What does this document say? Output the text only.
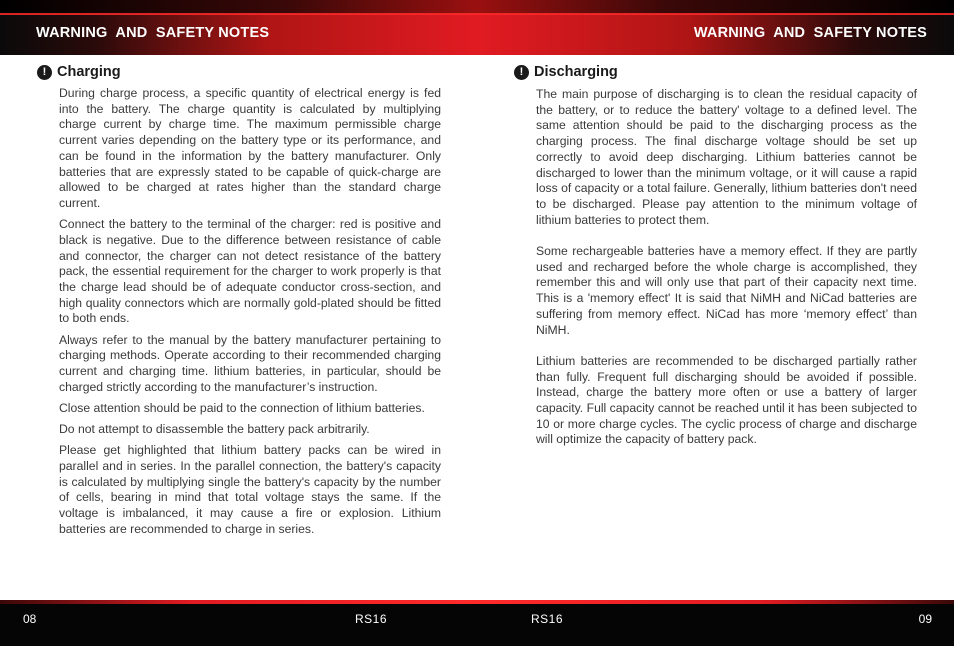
WARNING  AND  SAFETY NOTES	WARNING  AND  SAFETY NOTES
! Charging

During charge process, a specific quantity of electrical energy is fed into the battery. The charge quantity is calculated by multiplying charge current by charge time. The maximum permissible charge current varies depending on the battery type or its performance, and can be found in the information by the battery manufacturer. Only batteries that are expressly stated to be capable of quick-charge are allowed to be charged at rates higher than the standard charge current.

Connect the battery to the terminal of the charger: red is positive and black is negative. Due to the difference between resistance of cable and connector, the charger can not detect resistance of the battery pack, the essential requirement for the charger to work properly is that the charge lead should be of adequate conductor cross-section, and high quality connectors which are normally gold-plated should be fitted to both ends.

Always refer to the manual by the battery manufacturer pertaining to charging methods. Operate according to their recommended charging current and charging time. lithium batteries, in particular, should be charged strictly according to the manufacturer’s instruction.

Close attention should be paid to the connection of lithium batteries.

Do not attempt to disassemble the battery pack arbitrarily.

Please get highlighted that lithium battery packs can be wired in parallel and in series. In the parallel connection, the battery's capacity is calculated by multiplying single the battery's capacity by the number of cells, bearing in mind that total voltage stays the same. If the voltage is imbalanced, it may cause a fire or explosion. Lithium batteries are recommended to charge in series.

! Discharging

The main purpose of discharging is to clean the residual capacity of the battery, or to reduce the battery' voltage to a defined level. The same attention should be paid to the discharging process as the charging process. The final discharge voltage should be set up correctly to avoid deep discharging. Lithium batteries cannot be discharged to lower than the minimum voltage, or it will cause a rapid loss of capacity or a total failure. Generally, lithium batteries don't need to be discharged. Please pay attention to the minimum voltage of lithium batteries to protect them.

Some rechargeable batteries have a memory effect. If they are partly used and recharged before the whole charge is accomplished, they remember this and will only use that part of their capacity next time. This is a 'memory effect' It is said that NiMH and NiCad batteries are suffering from memory effect. NiCad has more ‘memory effect’ than NiMH.

Lithium batteries are recommended to be discharged partially rather than fully. Frequent full discharging should be avoided if possible. Instead, charge the battery more often or use a battery of larger capacity. Full capacity cannot be reached until it has been subjected to 10 or more charge cycles. The cyclic process of charge and discharge will optimize the capacity of battery pack.

08	RS16	RS16	09
